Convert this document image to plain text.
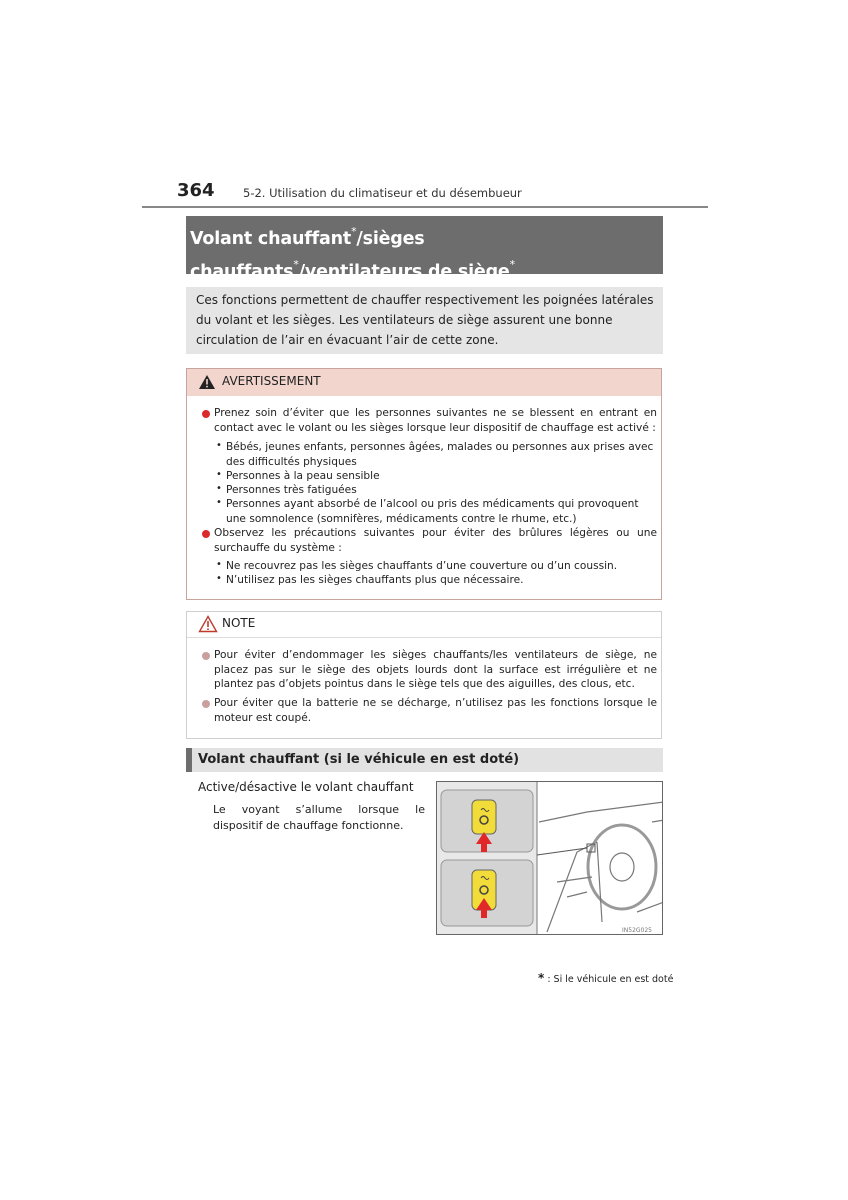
364 5-2. Utilisation du climatiseur et du désembueur
Volant chauffant*/sièges chauffants*/ventilateurs de siège*
Ces fonctions permettent de chauffer respectivement les poignées latérales du volant et les sièges. Les ventilateurs de siège assurent une bonne circulation de l’air en évacuant l’air de cette zone.
AVERTISSEMENT
Prenez soin d’éviter que les personnes suivantes ne se blessent en entrant en contact avec le volant ou les sièges lorsque leur dispositif de chauffage est activé :
• Bébés, jeunes enfants, personnes âgées, malades ou personnes aux prises avec des difficultés physiques
• Personnes à la peau sensible
• Personnes très fatiguées
• Personnes ayant absorbé de l’alcool ou pris des médicaments qui provoquent une somnolence (somnifères, médicaments contre le rhume, etc.)
Observez les précautions suivantes pour éviter des brûlures légères ou une surchauffe du système :
• Ne recouvrez pas les sièges chauffants d’une couverture ou d’un coussin.
• N’utilisez pas les sièges chauffants plus que nécessaire.
NOTE
Pour éviter d’endommager les sièges chauffants/les ventilateurs de siège, ne placez pas sur le siège des objets lourds dont la surface est irrégulière et ne plantez pas d’objets pointus dans le siège tels que des aiguilles, des clous, etc.
Pour éviter que la batterie ne se décharge, n’utilisez pas les fonctions lorsque le moteur est coupé.
Volant chauffant (si le véhicule en est doté)
Active/désactive le volant chauffant
Le voyant s’allume lorsque le dispositif de chauffage fonctionne.
IN52G025
* : Si le véhicule en est doté
